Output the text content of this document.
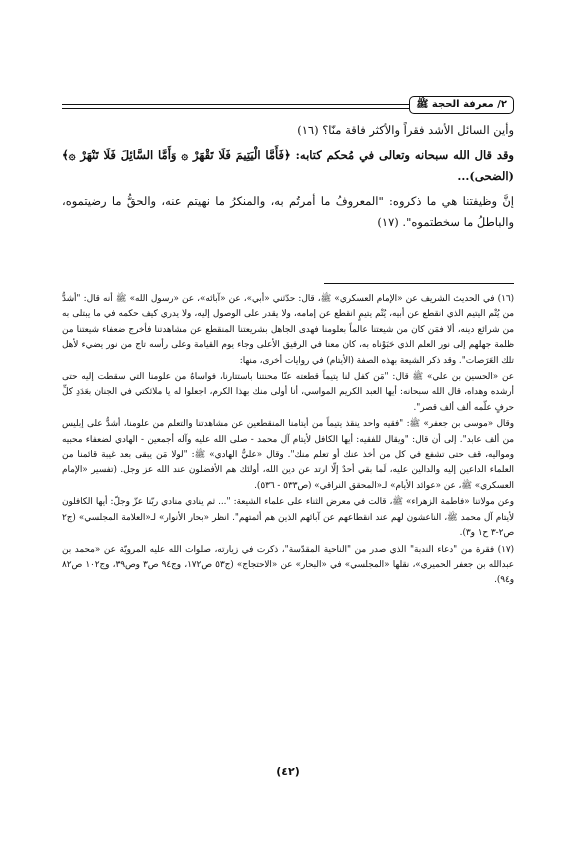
٢/ معرفة الحجة ﷺ

وأين السائل الأشد فقراً والأكثر فاقة منّا؟ (١٦)

وقد قال الله سبحانه وتعالى في مُحكم كتابه: ﴿فَأَمَّا الْيَتِيمَ فَلَا تَقْهَرْ ۞ وَأَمَّا السَّائِلَ فَلَا تَنْهَرْ ۞﴾ (الضحى)...

إنَّ وظيفتنا هي ما ذكروه: "المعروفُ ما أمرتُم به، والمنكرُ ما نهيتم عنه، والحقُّ ما رضيتموه، والباطلُ ما سخطتموه". (١٧)

(١٦) في الحديث الشريف عن «الإمام العسكري» ﷺ، قال: حدّثني «أبي»، عن «آبائه»، عن «رسول الله» ﷺ أنه قال: "أشدُّ من يُتْم اليتيم الذي انقطع عن أبيه، يُتْم يتيمٍ انقطع عن إمامه، ولا يقدر على الوصول إليه، ولا يدري كيف حكمه في ما يبتلى به من شرائع دينه، ألا فمَن كان من شيعتنا عالماً بعلومنا فهدى الجاهل بشريعتنا المنقطع عن مشاهدتنا فأخرج ضعفاء شيعتنا من ظلمة جهلهم إلى نور العلم الذي حَبَوْناه به، كان معنا في الرفيق الأعلى وجاء يوم القيامة وعلى رأسه تاج من نور يضيء لأهل تلك العَرَصات". وقد ذكر الشيعة بهذه الصفة (الأيتام) في روايات أخرى، منها:

عن «الحسين بن علي» ﷺ قال: "مَن كفل لنا يتيماً قطعته عنّا محنتنا باستتارنا، فواساهُ من علومنا التي سقطت إليه حتى أرشده وهداه، قال الله سبحانه: أيها العبد الكريم المواسي، أنا أولى منك بهذا الكرم، اجعلوا له يا ملائكتي في الجنان بعَدَدِ كلِّ حرفٍ علّمه ألف ألف قصر".

وقال «موسى بن جعفر» ﷺ: "فقيه واحد ينقذ يتيماً من أيتامنا المنقطعين عن مشاهدتنا والتعلم من علومنا، أشدُّ على إبليس من ألف عابد". إلى أن قال: "ويقال للفقيه: أيها الكافل لأيتام آل محمد - صلى الله عليه وآله أجمعين - الهادي لضعفاء محبيه ومواليه، قف حتى تشفع في كل من أخذ عنك أو تعلم منك". وقال «عليُّ الهادي» ﷺ: "لولا مَن يبقى بعد غيبة قائمنا من العلماء الداعين إليه والدالين عليه، لَما بقي أحدٌ إلّا ارتد عن دين الله، أولئك هم الأفضلون عند الله عز وجل. (تفسير «الإمام العسكري» ﷺ، عن «عوائد الأيام» لـ«المحقق النراقي» (ص٥٣٣ - ٥٣٦).

وعن مولاتنا «فاطمة الزهراء» ﷺ، قالت في معرض الثناء على علماء الشيعة: "... ثم ينادي منادي ربّنا عزّ وجلّ: أيها الكافلون لأيتام آل محمد ﷺ، الناعشون لهم عند انقطاعهم عن آبائهم الذين هم أئمتهم". انظر «بحار الأنوار» لـ«العلامة المجلسي» (ج٢ ص٢-٣ ح١ و٣).

(١٧) فقرة من "دعاء الندبة" الذي صدر من "الناحية المقدّسة"، ذكرت في زيارته، صلوات الله عليه المرويّة عن «محمد بن عبدالله بن جعفر الحميري»، نقلها «المجلسي» في «البحار» عن «الاحتجاج» (ج٥٣ ص١٧٢، وج٩٤ ص٣ وص٣٩، وج١٠٢ ص٨٢ و٩٤).

(٤٢)
